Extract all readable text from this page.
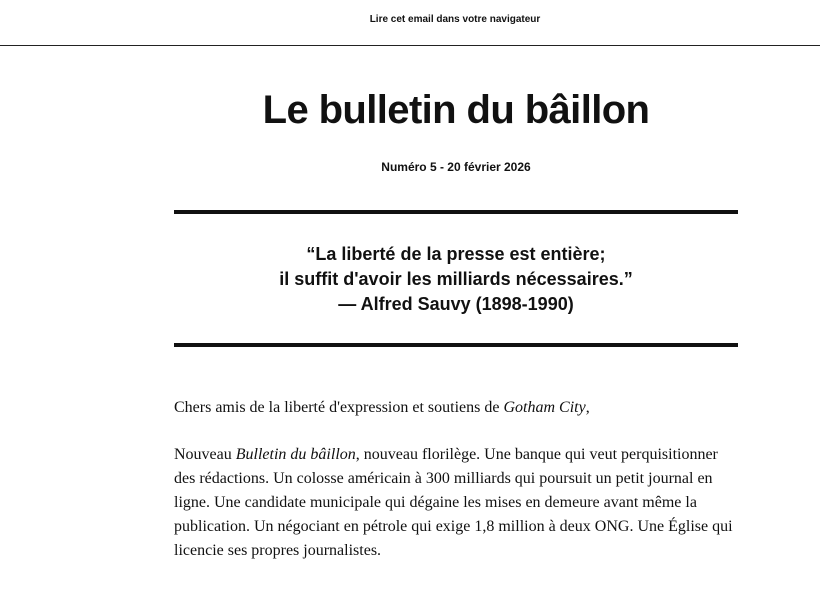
Lire cet email dans votre navigateur
Le bulletin du bâillon
Numéro 5 - 20 février 2026
“La liberté de la presse est entière;
il suffit d'avoir les milliards nécessaires.”
— Alfred Sauvy (1898-1990)

Chers amis de la liberté d'expression et soutiens de Gotham City,

Nouveau Bulletin du bâillon, nouveau florilège. Une banque qui veut perquisitionner des rédactions. Un colosse américain à 300 milliards qui poursuit un petit journal en ligne. Une candidate municipale qui dégaine les mises en demeure avant même la publication. Un négociant en pétrole qui exige 1,8 million à deux ONG. Une Église qui licencie ses propres journalistes.
